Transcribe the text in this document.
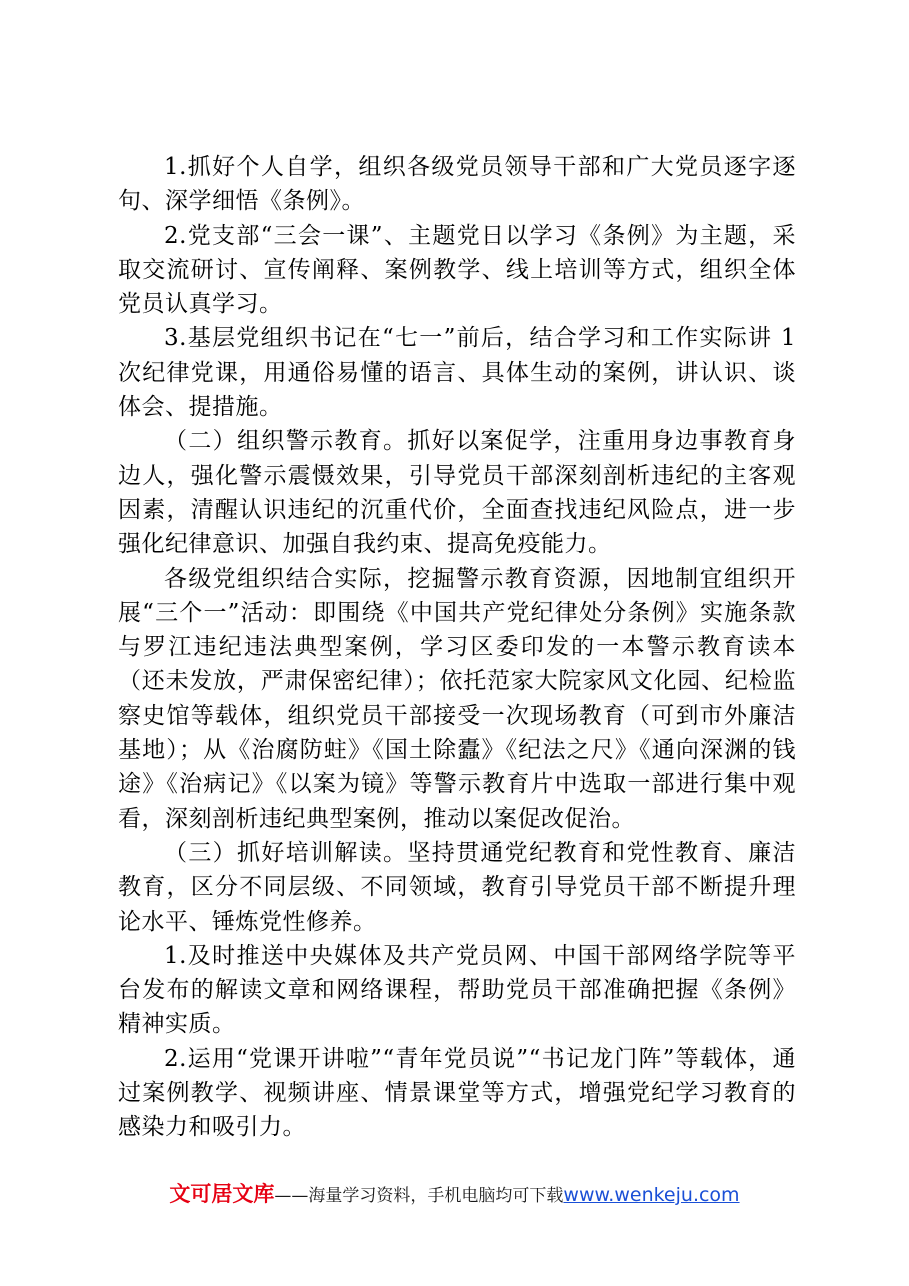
1.抓好个人自学，组织各级党员领导干部和广大党员逐字逐句、深学细悟《条例》。

2.党支部“三会一课”、主题党日以学习《条例》为主题，采取交流研讨、宣传阐释、案例教学、线上培训等方式，组织全体党员认真学习。

3.基层党组织书记在“七一”前后，结合学习和工作实际讲 1 次纪律党课，用通俗易懂的语言、具体生动的案例，讲认识、谈体会、提措施。

（二）组织警示教育。抓好以案促学，注重用身边事教育身边人，强化警示震慑效果，引导党员干部深刻剖析违纪的主客观因素，清醒认识违纪的沉重代价，全面查找违纪风险点，进一步强化纪律意识、加强自我约束、提高免疫能力。

各级党组织结合实际，挖掘警示教育资源，因地制宜组织开展“三个一”活动：即围绕《中国共产党纪律处分条例》实施条款与罗江违纪违法典型案例，学习区委印发的一本警示教育读本（还未发放，严肃保密纪律）；依托范家大院家风文化园、纪检监察史馆等载体，组织党员干部接受一次现场教育（可到市外廉洁基地）；从《治腐防蛀》《国土除蠹》《纪法之尺》《通向深渊的钱途》《治病记》《以案为镜》等警示教育片中选取一部进行集中观看，深刻剖析违纪典型案例，推动以案促改促治。

（三）抓好培训解读。坚持贯通党纪教育和党性教育、廉洁教育，区分不同层级、不同领域，教育引导党员干部不断提升理论水平、锤炼党性修养。

1.及时推送中央媒体及共产党员网、中国干部网络学院等平台发布的解读文章和网络课程，帮助党员干部准确把握《条例》精神实质。

2.运用“党课开讲啦”“青年党员说”“书记龙门阵”等载体，通过案例教学、视频讲座、情景课堂等方式，增强党纪学习教育的感染力和吸引力。

文可居文库——海量学习资料，手机电脑均可下载www.wenkeju.com
